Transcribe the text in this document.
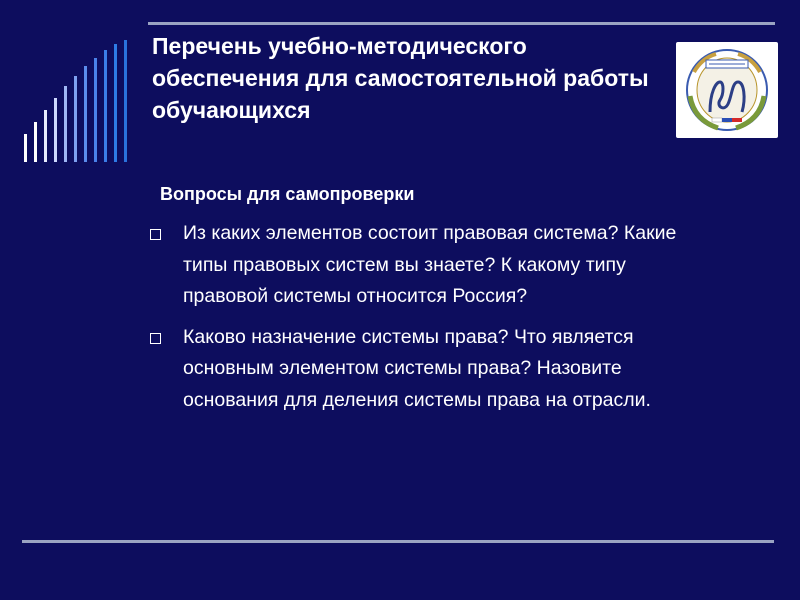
Перечень учебно-методического обеспечения для самостоятельной работы обучающихся
Вопросы для самопроверки
Из каких элементов состоит правовая система? Какие типы правовых систем вы знаете? К какому типу правовой системы относится Россия?
Каково назначение системы права? Что является основным элементом системы права? Назовите основания для деления системы права на отрасли.
